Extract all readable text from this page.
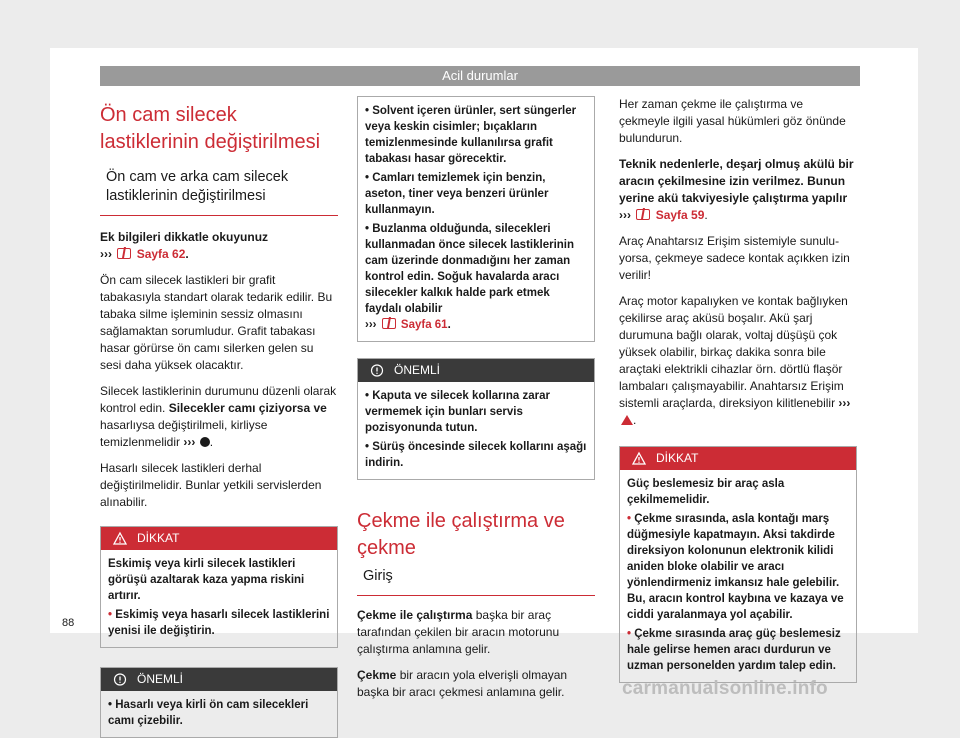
Acil durumlar
Ön cam silecek lastiklerinin değiştirilmesi
Ön cam ve arka cam silecek lastiklerinin değiştirilmesi
Ek bilgileri dikkatle okuyunuz
››› Sayfa 62.
Ön cam silecek lastikleri bir grafit tabakasıyla standart olarak tedarik edilir. Bu tabaka silme işleminin sessiz olmasını sağlamaktan sorumludur. Grafit tabakası hasar görürse ön camı silerken gelen su sesi daha yüksek olacaktır.
Silecek lastiklerinin durumunu düzenli olarak kontrol edin. Silecekler camı çiziyorsa ve hasarlıysa değiştirilmeli, kirliyse temizlenmelidir ››› .
Hasarlı silecek lastikleri derhal değiştirilmelidir. Bunlar yetkili servislerden alınabilir.
DİKKAT
Eskimiş veya kirli silecek lastikleri görüşü azaltarak kaza yapma riskini artırır.
• Eskimiş veya hasarlı silecek lastiklerini yenisi ile değiştirin.
ÖNEMLİ
• Hasarlı veya kirli ön cam silecekleri camı çizebilir.
• Solvent içeren ürünler, sert süngerler veya keskin cisimler; bıçakların temizlenmesinde kullanılırsa grafit tabakası hasar görecektir.
• Camları temizlemek için benzin, aseton, tiner veya benzeri ürünler kullanmayın.
• Buzlanma olduğunda, silecekleri kullanmadan önce silecek lastiklerinin cam üzerinde donmadığını her zaman kontrol edin. Soğuk havalarda aracı silecekler kalkık halde park etmek faydalı olabilir
››› Sayfa 61.
ÖNEMLİ
• Kaputa ve silecek kollarına zarar vermemek için bunları servis pozisyonunda tutun.
• Sürüş öncesinde silecek kollarını aşağı indirin.
Çekme ile çalıştırma ve çekme
Giriş
Çekme ile çalıştırma başka bir araç tarafından çekilen bir aracın motorunu çalıştırma anlamına gelir.
Çekme bir aracın yola elverişli olmayan başka bir aracı çekmesi anlamına gelir.
Her zaman çekme ile çalıştırma ve çekmeyle ilgili yasal hükümleri göz önünde bulundurun.
Teknik nedenlerle, deşarj olmuş akülü bir aracın çekilmesine izin verilmez. Bunun yerine akü takviyesiyle çalıştırma yapılır ››› Sayfa 59.
Araç Anahtarsız Erişim sistemiyle sunulu-yorsa, çekmeye sadece kontak açıkken izin verilir!
Araç motor kapalıyken ve kontak bağlıyken çekilirse araç aküsü boşalır. Akü şarj durumuna bağlı olarak, voltaj düşüşü çok yüksek olabilir, birkaç dakika sonra bile araçtaki elektrikli cihazlar örn. dörtlü flaşör lambaları çalışmayabilir. Anahtarsız Erişim sistemli araçlarda, direksiyon kilitlenebilir ››› .
DİKKAT
Güç beslemesiz bir araç asla çekilmemelidir.
• Çekme sırasında, asla kontağı marş düğmesiyle kapatmayın. Aksi takdirde direksiyon kolonunun elektronik kilidi aniden bloke olabilir ve aracı yönlendirmeniz imkansız hale gelebilir. Bu, aracın kontrol kaybına ve kazaya ve ciddi yaralanmaya yol açabilir.
• Çekme sırasında araç güç beslemesiz hale gelirse hemen aracı durdurun ve uzman personelden yardım talep edin.
88
carmanualsonline.info
